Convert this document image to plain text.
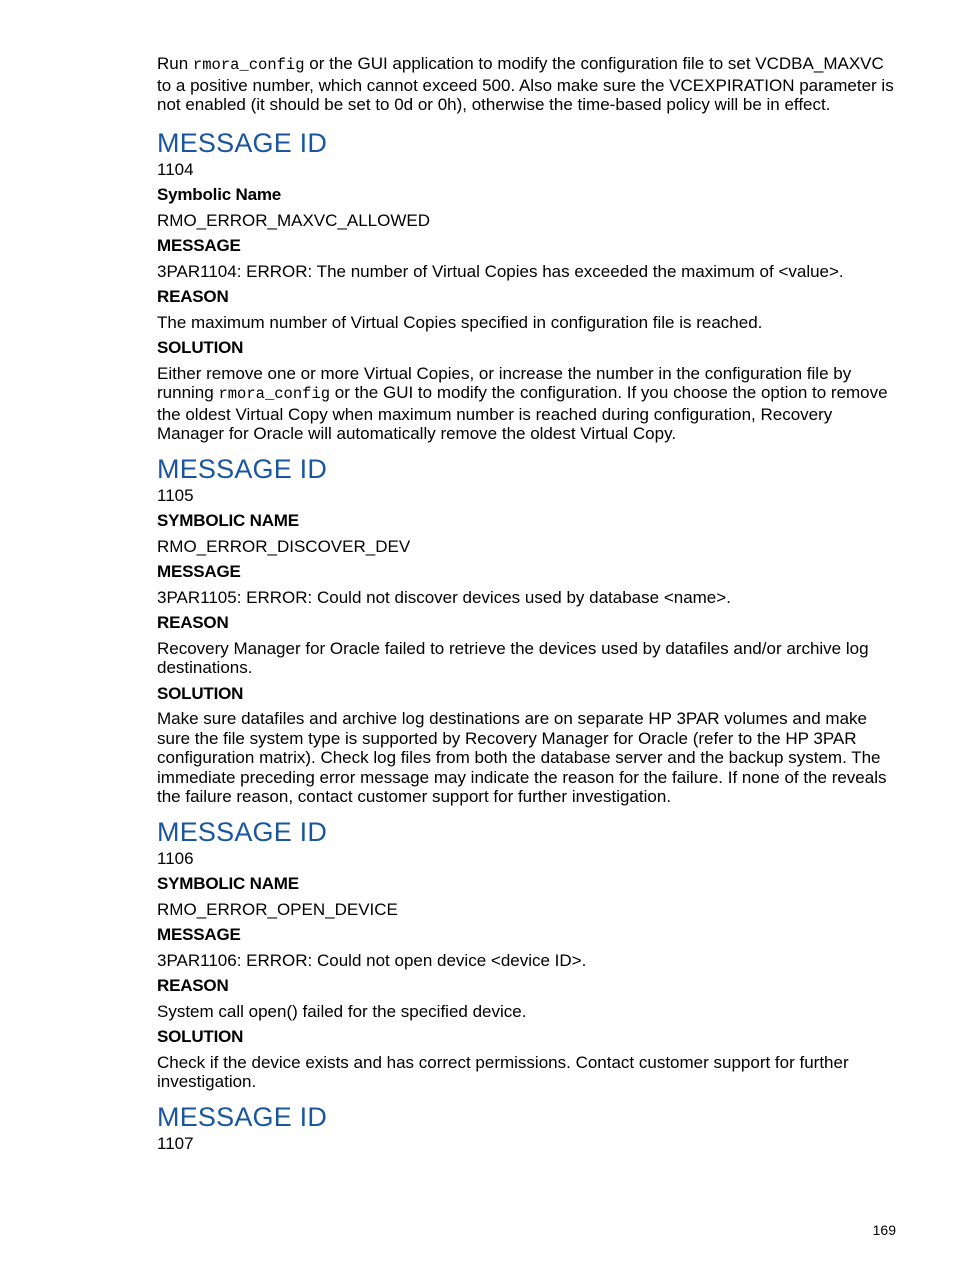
Run rmora_config or the GUI application to modify the configuration file to set VCDBA_MAXVC to a positive number, which cannot exceed 500. Also make sure the VCEXPIRATION parameter is not enabled (it should be set to 0d or 0h), otherwise the time-based policy will be in effect.

MESSAGE ID

1104

Symbolic Name

RMO_ERROR_MAXVC_ALLOWED

MESSAGE

3PAR1104: ERROR: The number of Virtual Copies has exceeded the maximum of <value>.

REASON

The maximum number of Virtual Copies specified in configuration file is reached.

SOLUTION

Either remove one or more Virtual Copies, or increase the number in the configuration file by running rmora_config or the GUI to modify the configuration. If you choose the option to remove the oldest Virtual Copy when maximum number is reached during configuration, Recovery Manager for Oracle will automatically remove the oldest Virtual Copy.

MESSAGE ID

1105

SYMBOLIC NAME

RMO_ERROR_DISCOVER_DEV

MESSAGE

3PAR1105: ERROR: Could not discover devices used by database <name>.

REASON

Recovery Manager for Oracle failed to retrieve the devices used by datafiles and/or archive log destinations.

SOLUTION

Make sure datafiles and archive log destinations are on separate HP 3PAR volumes and make sure the file system type is supported by Recovery Manager for Oracle (refer to the HP 3PAR configuration matrix). Check log files from both the database server and the backup system. The immediate preceding error message may indicate the reason for the failure. If none of the reveals the failure reason, contact customer support for further investigation.

MESSAGE ID

1106

SYMBOLIC NAME

RMO_ERROR_OPEN_DEVICE

MESSAGE

3PAR1106: ERROR: Could not open device <device ID>.

REASON

System call open() failed for the specified device.

SOLUTION

Check if the device exists and has correct permissions. Contact customer support for further investigation.

MESSAGE ID

1107

169
